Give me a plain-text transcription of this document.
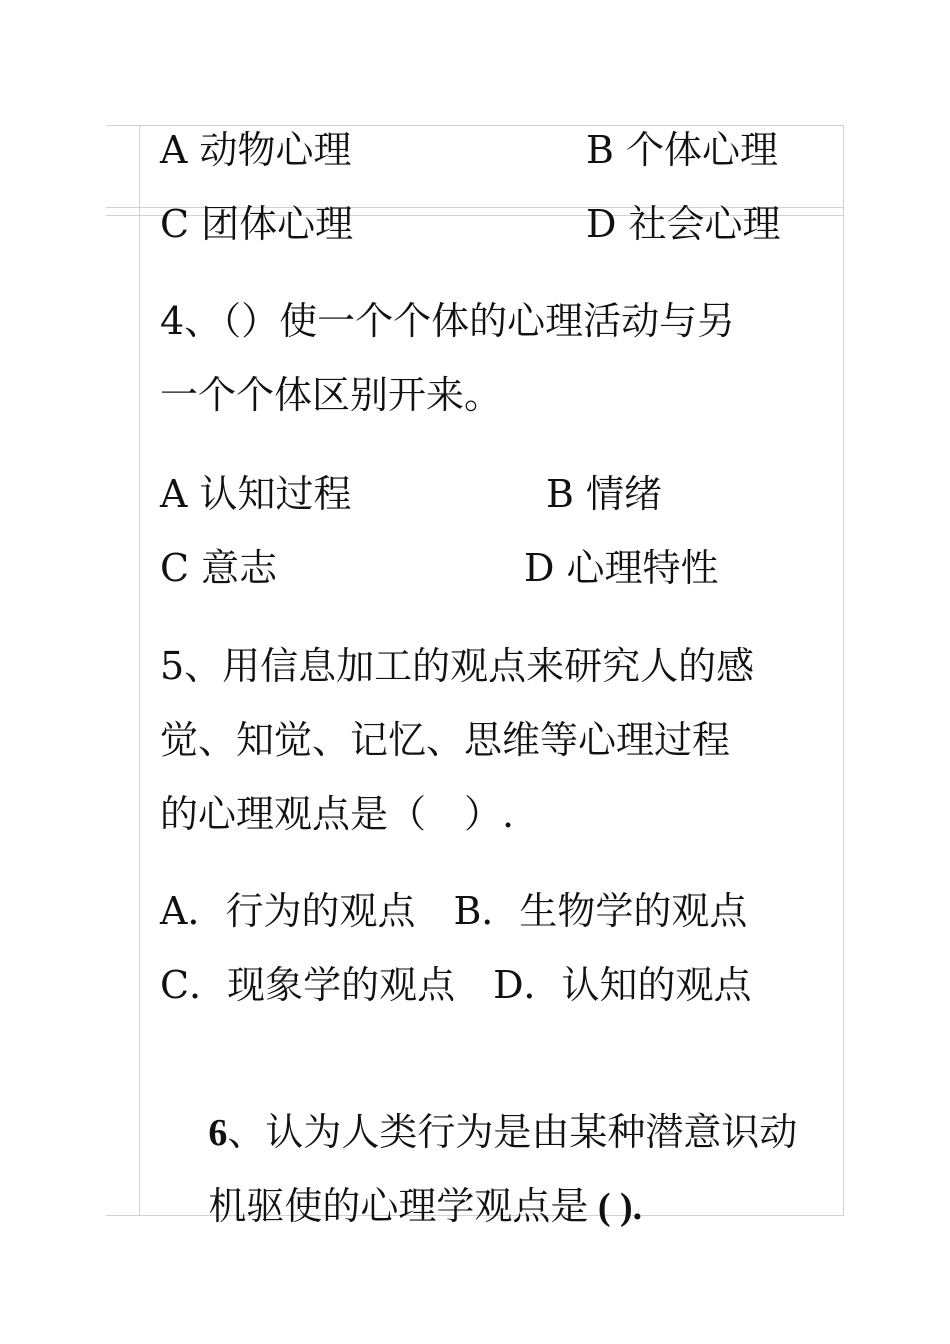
A 动物心理	B 个体心理
C 团体心理	D 社会心理
4、（）使一个个体的心理活动与另
一个个体区别开来。
A 认知过程	B 情绪
C 意志	D 心理特性
5、用信息加工的观点来研究人的感
觉、知觉、记忆、思维等心理过程
的心理观点是（　）.
A．行为的观点　B．生物学的观点
C．现象学的观点　D．认知的观点

6、认为人类行为是由某种潜意识动

机驱使的心理学观点是 ( ).
